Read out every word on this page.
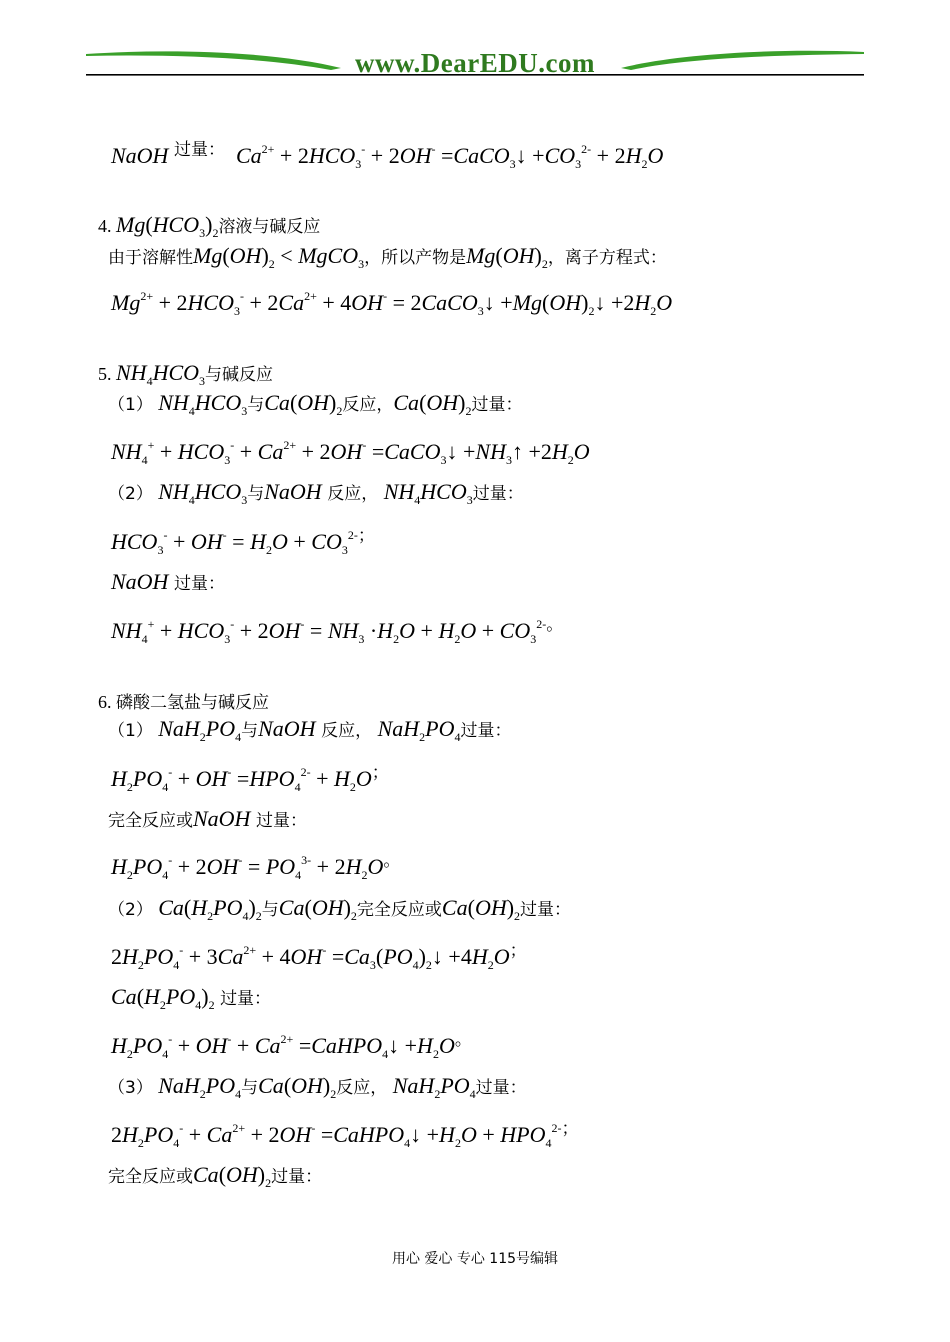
www.DearEDU.com
NaOH $^{过量:}$  $Ca^{2+} + 2HCO_3^- + 2OH^-$ =CaCO$_3$↓ $+CO_3^{2-} + 2H_2O$
4. $Mg(HCO_3)_2$溶液与碱反应
由于溶解性$Mg(OH)_2$ < MgCO$_3$，所以产物是$Mg(OH)_2$，离子方程式：
$Mg^{2+} + 2HCO_3^- + 2Ca^{2+} + 4OH^-$ = 2CaCO$_3$↓ $+Mg(OH)_2↓ +2H_2O$
5. $NH_4HCO_3$与碱反应
（1） $NH_4HCO_3$与$Ca(OH)_2$反应，$Ca(OH)_2$过量：
$NH_4^+ + HCO_3^- + Ca^{2+} + 2OH^-$ =CaCO$_3$↓ $+NH_3↑ +2H_2O$
（2） $NH_4HCO_3$与NaOH 反应， $NH_4HCO_3$过量：
$HCO_3^- + OH^- = H_2O + CO_3^{2-;}$
NaOH 过量：
$NH_4^+ + HCO_3^- + 2OH^- = NH_3 \cdot H_2O + H_2O + CO_3^{2-。}$
6. 磷酸二氢盐与碱反应
（1） $NaH_2PO_4$与NaOH 反应， $NaH_2PO_4$过量：
$H_2PO_4^- + OH^- =HPO_4^{2-} + H_2O^;$
完全反应或NaOH 过量：
$H_2PO_4^- + 2OH^- = PO_4^{3-} + 2H_2O^。$
（2） $Ca(H_2PO_4)_2$与$Ca(OH)_2$完全反应或$Ca(OH)_2$过量：
$2H_2PO_4^- + 3Ca^{2+} + 4OH^-$ $=Ca_3(PO_4)_2↓ +4H_2O^;$
$Ca(H_2PO_4)_2$ 过量：
$H_2PO_4^- + OH^- + Ca^{2+}$ =CaHPO$_4$↓ $+H_2O^。$
（3） $NaH_2PO_4$与$Ca(OH)_2$反应， $NaH_2PO_4$过量：
$2H_2PO_4^- + Ca^{2+} + 2OH^-$ =CaHPO$_4$↓ $+H_2O + HPO_4^{2-;}$
完全反应或$Ca(OH)_2$过量：
用心 爱心 专心 115号编辑
